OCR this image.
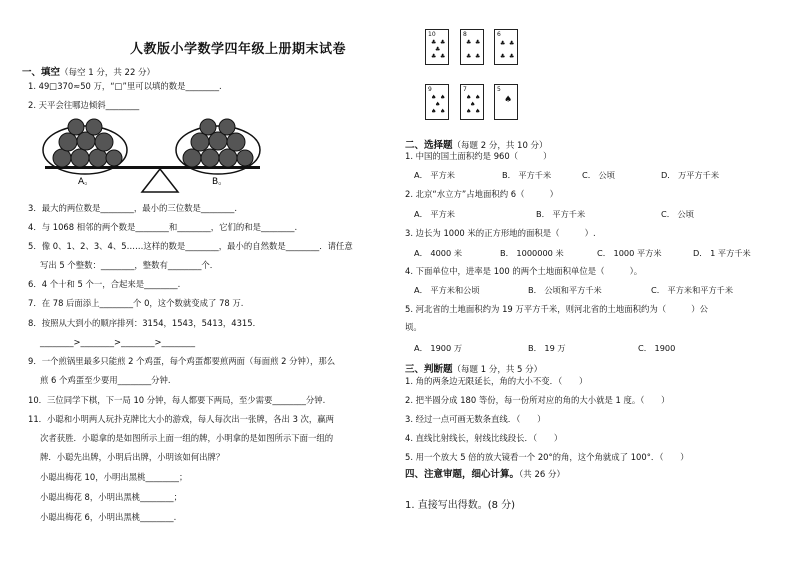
人教版小学数学四年级上册期末试卷
一、填空（每空 1 分，共 22 分）
1. 49□370≈50 万，“□”里可以填的数是________.
2. 天平会往哪边倾斜________
A。	B。
3．最大的两位数是________，最小的三位数是________.
4．与 1068 相邻的两个数是________和________，它们的和是________.
5．像 0、1、2、3、4、5……这样的数是________，最小的自然数是________．请任意
写出 5 个整数：________，整数有________个．
6．4 个十和 5 个一，合起来是________.
7．在 78 后面添上________个 0，这个数就变成了 78 万.
8．按照从大到小的顺序排列：3154，1543，5413，4315．
________>________>________>________
9．一个煎锅里最多只能煎 2 个鸡蛋，每个鸡蛋都要煎两面（每面煎 2 分钟），那么
煎 6 个鸡蛋至少要用________分钟.
10．三位同学下棋，下一局 10 分钟，每人都要下两局，至少需要________分钟.
11．小聪和小明两人玩扑克牌比大小的游戏，每人每次出一张牌，各出 3 次，赢两
次者获胜．小聪拿的是如图所示上面一组的牌，小明拿的是如图所示下面一组的
牌．小聪先出牌，小明后出牌，小明该如何出牌？
小聪出梅花 10，小明出黑桃________；
小聪出梅花 8，小明出黑桃________；
小聪出梅花 6，小明出黑桃________.
10
♣ ♣
♣
♣ ♣
8
♣ ♣
♣ ♣
6
♣ ♣
♣ ♣
9
♠ ♠
♠
♠ ♠
7
♠ ♠
♠
♠ ♠
5
♠
二、选择题（每题 2 分，共 10 分）
1. 中国的国土面积约是 960（　　　）
A． 平方米	B． 平方千米	C． 公顷	D． 万平方千米
2. 北京“水立方”占地面积约 6（　　　）
A． 平方米	B． 平方千米	C． 公顷
3. 边长为 1000 米的正方形地的面积是（　　　）.
A． 4000 米	B． 1000000 米	C． 1000 平方米	D． 1 平方千米
4. 下面单位中，进率是 100 的两个土地面积单位是（　　　）。
A． 平方米和公顷	B． 公顷和平方千米	C． 平方米和平方千米
5. 河北省的土地面积约为 19 万平方千米，则河北省的土地面积约为（　　　）公
顷。
A． 1900 万	B． 19 万	C． 1900
三、判断题（每题 1 分，共 5 分）
1. 角的两条边无限延长，角的大小不变．（　　）
2. 把半圆分成 180 等份，每一份所对应的角的大小就是 1 度。（　　）
3. 经过一点可画无数条直线．（　　）
4. 直线比射线长，射线比线段长．（　　）
5. 用一个放大 5 倍的放大镜看一个 20°的角，这个角就成了 100°．（　　）
四、注意审题，细心计算。（共 26 分）
1. 直接写出得数。(8 分)
